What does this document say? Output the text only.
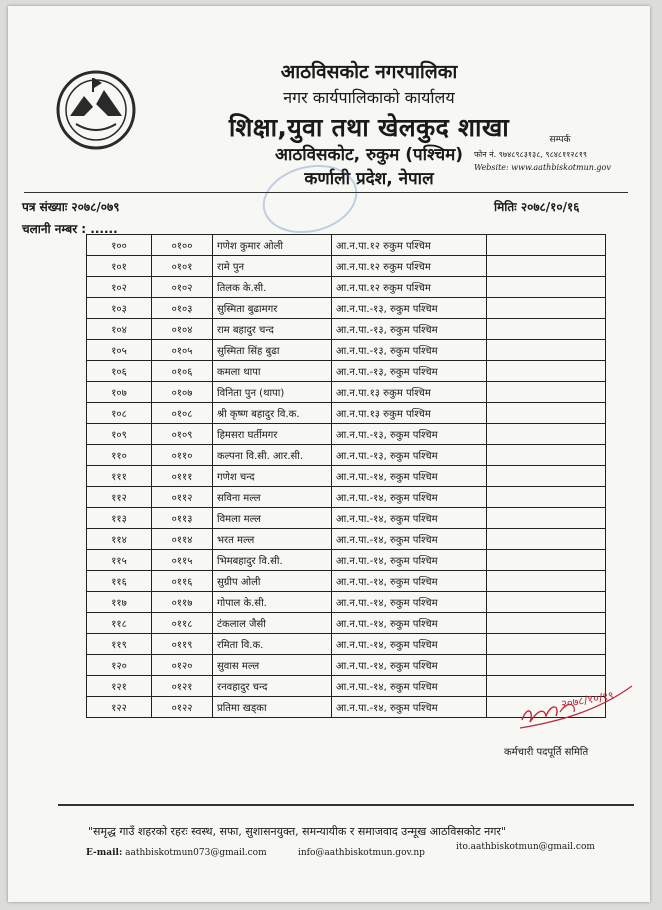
आठविसकोट नगरपालिका
नगर कार्यपालिकाको कार्यालय
शिक्षा,युवा तथा खेलकुद शाखा
आठविसकोट, रुकुम (पश्चिम)
कर्णाली प्रदेश, नेपाल
सम्पर्क
फोन नं. ९७४८९८३१३८, ९८४८११२८१९
Website: www.aathbiskotmun.gov
पत्र संख्याः २०७८/०७९	मितिः २०७८/१०/१६
चलानी नम्बर : ......
१००	०१००	गणेश कुमार ओली	आ.न.पा.१२ रुकुम पश्चिम	
१०१	०१०१	रामे पुन	आ.न.पा.१२ रुकुम पश्चिम	
१०२	०१०२	तिलक के.सी.	आ.न.पा.१२ रुकुम पश्चिम	
१०३	०१०३	सुस्मिता बुढामगर	आ.न.पा.-१३, रुकुम पश्चिम	
१०४	०१०४	राम बहादुर चन्द	आ.न.पा.-१३, रुकुम पश्चिम	
१०५	०१०५	सुस्मिता सिंह बुढा	आ.न.पा.-१३, रुकुम पश्चिम	
१०६	०१०६	कमला थापा	आ.न.पा.-१३, रुकुम पश्चिम	
१०७	०१०७	विनिता पुन (थापा)	आ.न.पा.१३ रुकुम पश्चिम	
१०८	०१०८	श्री कृष्ण बहादुर वि.क.	आ.न.पा.१३ रुकुम पश्चिम	
१०९	०१०९	हिमसरा घर्तीमगर	आ.न.पा.-१३, रुकुम पश्चिम	
११०	०११०	कल्पना वि.सी. आर.सी.	आ.न.पा.-१३, रुकुम पश्चिम	
१११	०१११	गणेश चन्द	आ.न.पा.-१४, रुकुम पश्चिम	
११२	०११२	सविना मल्ल	आ.न.पा.-१४, रुकुम पश्चिम	
११३	०११३	विमला मल्ल	आ.न.पा.-१४, रुकुम पश्चिम	
११४	०११४	भरत मल्ल	आ.न.पा.-१४, रुकुम पश्चिम	
११५	०११५	भिमबहादुर वि.सी.	आ.न.पा.-१४, रुकुम पश्चिम	
११६	०११६	सुग्रीप ओली	आ.न.पा.-१४, रुकुम पश्चिम	
११७	०११७	गोपाल के.सी.	आ.न.पा.-१४, रुकुम पश्चिम	
११८	०११८	टंकलाल जैसी	आ.न.पा.-१४, रुकुम पश्चिम	
११९	०११९	रमिता वि.क.	आ.न.पा.-१४, रुकुम पश्चिम	
१२०	०१२०	सुवास मल्ल	आ.न.पा.-१४, रुकुम पश्चिम	
१२१	०१२१	रनवहादुर चन्द	आ.न.पा.-१४, रुकुम पश्चिम	
१२२	०१२२	प्रतिमा खड्का	आ.न.पा.-१४, रुकुम पश्चिम		२०७८/१०/१९
कर्मचारी पदपूर्ति समिति
"समृद्ध गाउँ शहरको रहरः स्वस्थ, सफा, सुशासनयुक्त, समन्यायीक र समाजवाद उन्मूख आठविसकोट नगर"
E-mail: aathbiskotmun073@gmail.com	info@aathbiskotmun.gov.np
ito.aathbiskotmun@gmail.com
